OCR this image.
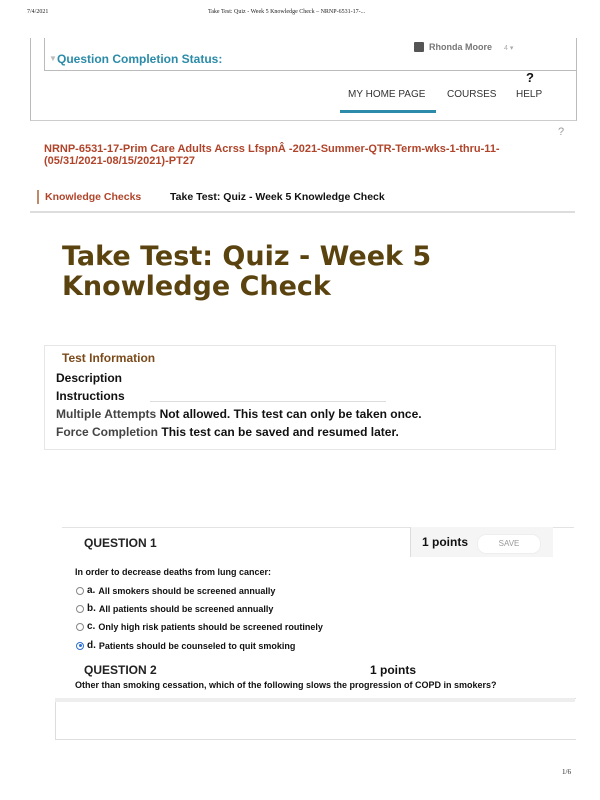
7/4/2021	Take Test: Quiz - Week 5 Knowledge Check – NRNP-6531-17-...
▼ Question Completion Status:
Rhonda Moore 4 ▾
?
MY HOME PAGE COURSES HELP
?
NRNP-6531-17-Prim Care Adults Acrss LfspnÂ -2021-Summer-QTR-Term-wks-1-thru-11-(05/31/2021-08/15/2021)-PT27
Knowledge Checks	Take Test: Quiz - Week 5 Knowledge Check
Take Test: Quiz - Week 5 Knowledge Check
Test Information
Description
Instructions
Multiple Attempts Not allowed. This test can only be taken once.
Force Completion This test can be saved and resumed later.
QUESTION 1	1 points	SAVE
In order to decrease deaths from lung cancer:
a. All smokers should be screened annually
b. All patients should be screened annually
c. Only high risk patients should be screened routinely
d. Patients should be counseled to quit smoking
QUESTION 2	1 points
Other than smoking cessation, which of the following slows the progression of COPD in smokers?
1/6
